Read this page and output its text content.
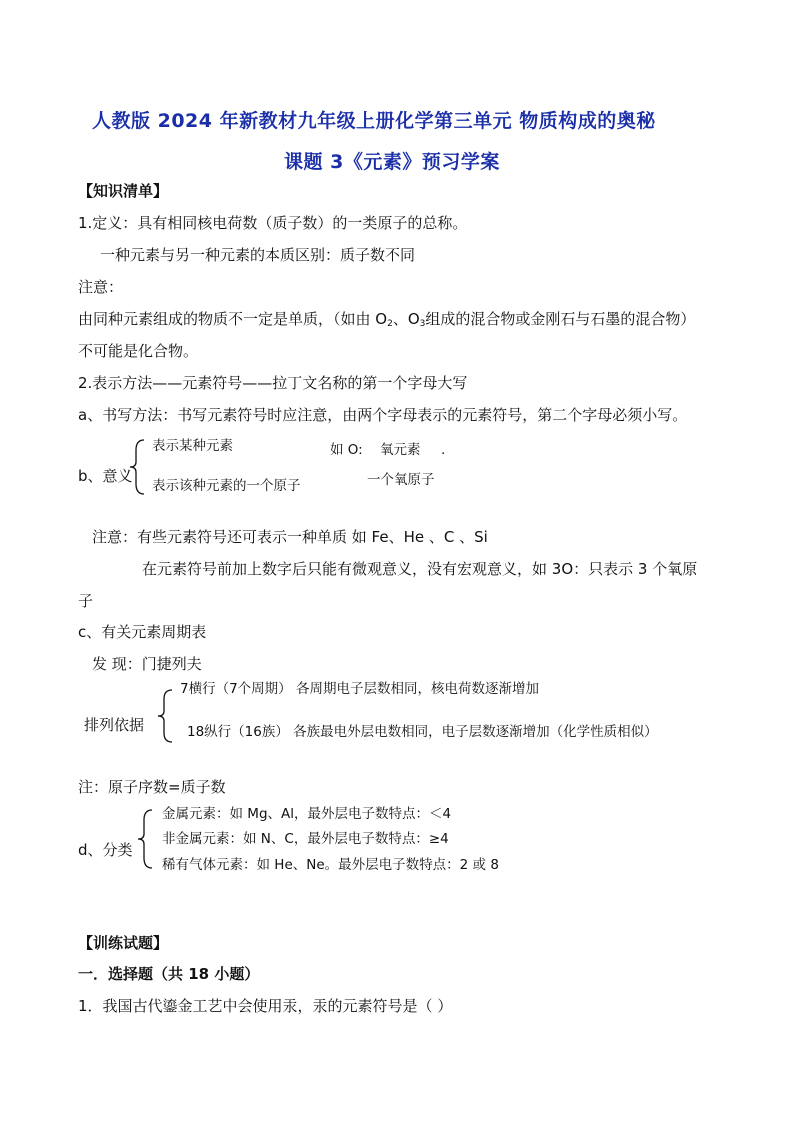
人教版 2024 年新教材九年级上册化学第三单元 物质构成的奥秘
课题 3《元素》预习学案
【知识清单】
1.定义：具有相同核电荷数（质子数）的一类原子的总称。
一种元素与另一种元素的本质区别：质子数不同
注意：
由同种元素组成的物质不一定是单质，（如由 $O_2$、$O_3$组成的混合物或金刚石与石墨的混合物）
不可能是化合物。
2.表示方法——元素符号——拉丁文名称的第一个字母大写
a、书写方法：书写元素符号时应注意，由两个字母表示的元素符号，第二个字母必须小写。
b、意义
表示某种元素
表示该种元素的一个原子
如 O: 氧元素 .
一个氧原子
注意：有些元素符号还可表示一种单质 如 Fe、He 、C 、Si
在元素符号前加上数字后只能有微观意义，没有宏观意义，如 3O：只表示 3 个氧原
子
c、有关元素周期表
发 现：门捷列夫
排列依据
7横行（7个周期） 各周期电子层数相同，核电荷数逐渐增加
18纵行（16族） 各族最电外层电数相同，电子层数逐渐增加（化学性质相似）
注：原子序数=质子数
d、分类
金属元素：如 Mg、Al，最外层电子数特点：＜4
非金属元素：如 N、C，最外层电子数特点：≥4
稀有气体元素：如 He、Ne。最外层电子数特点：2 或 8
【训练试题】
一．选择题（共 18 小题）
1．我国古代鎏金工艺中会使用汞，汞的元素符号是（ ）
